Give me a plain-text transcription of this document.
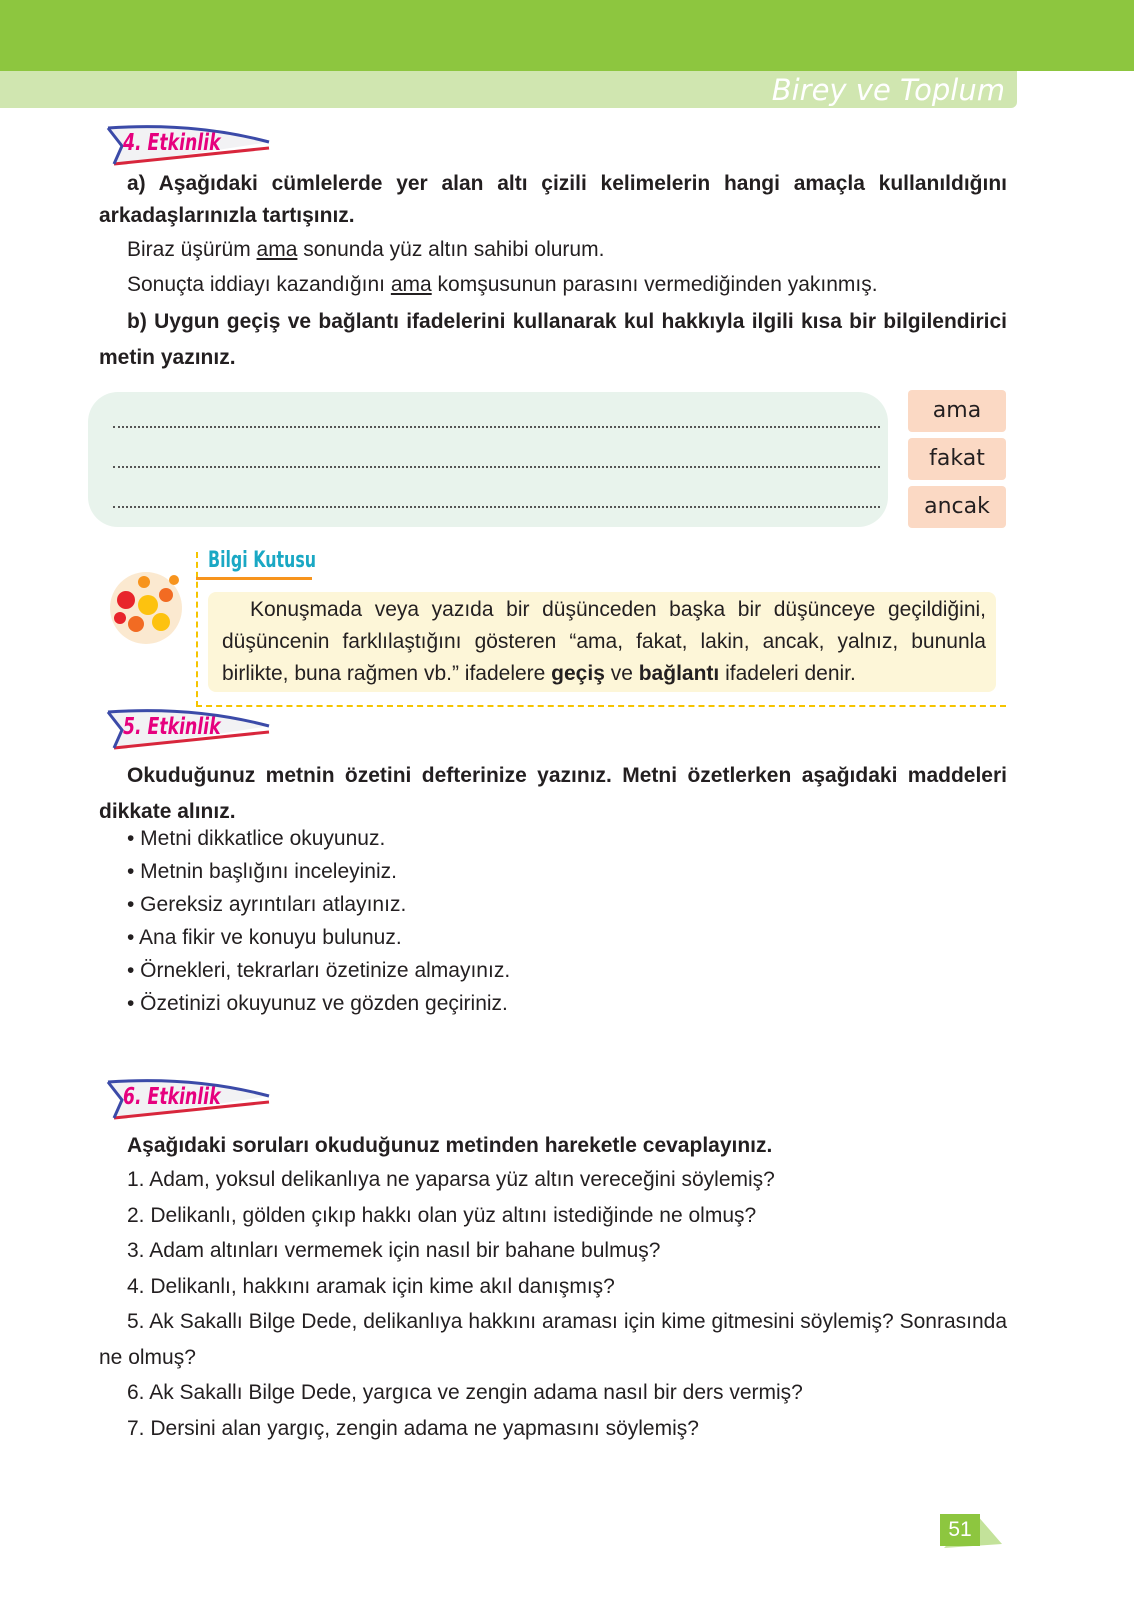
Birey ve Toplum
4. Etkinlik
a) Aşağıdaki cümlelerde yer alan altı çizili kelimelerin hangi amaçla kullanıldığını arkadaşlarınızla tartışınız.
Biraz üşürüm ama sonunda yüz altın sahibi olurum.
Sonuçta iddiayı kazandığını ama komşusunun parasını vermediğinden yakınmış.
b) Uygun geçiş ve bağlantı ifadelerini kullanarak kul hakkıyla ilgili kısa bir bilgilendirici metin yazınız.
ama
fakat
ancak
Bilgi Kutusu
Konuşmada veya yazıda bir düşünceden başka bir düşünceye geçildiğini, düşüncenin farklılaştığını gösteren “ama, fakat, lakin, ancak, yalnız, bununla birlikte, buna rağmen vb.” ifadelere geçiş ve bağlantı ifadeleri denir.
5. Etkinlik
Okuduğunuz metnin özetini defterinize yazınız. Metni özetlerken aşağıdaki maddeleri dikkate alınız.
• Metni dikkatlice okuyunuz.
• Metnin başlığını inceleyiniz.
• Gereksiz ayrıntıları atlayınız.
• Ana fikir ve konuyu bulunuz.
• Örnekleri, tekrarları özetinize almayınız.
• Özetinizi okuyunuz ve gözden geçiriniz.
6. Etkinlik
Aşağıdaki soruları okuduğunuz metinden hareketle cevaplayınız.
1. Adam, yoksul delikanlıya ne yaparsa yüz altın vereceğini söylemiş?
2. Delikanlı, gölden çıkıp hakkı olan yüz altını istediğinde ne olmuş?
3. Adam altınları vermemek için nasıl bir bahane bulmuş?
4. Delikanlı, hakkını aramak için kime akıl danışmış?
5. Ak Sakallı Bilge Dede, delikanlıya hakkını araması için kime gitmesini söylemiş? Sonrasında ne olmuş?
6. Ak Sakallı Bilge Dede, yargıca ve zengin adama nasıl bir ders vermiş?
7. Dersini alan yargıç, zengin adama ne yapmasını söylemiş?
51
